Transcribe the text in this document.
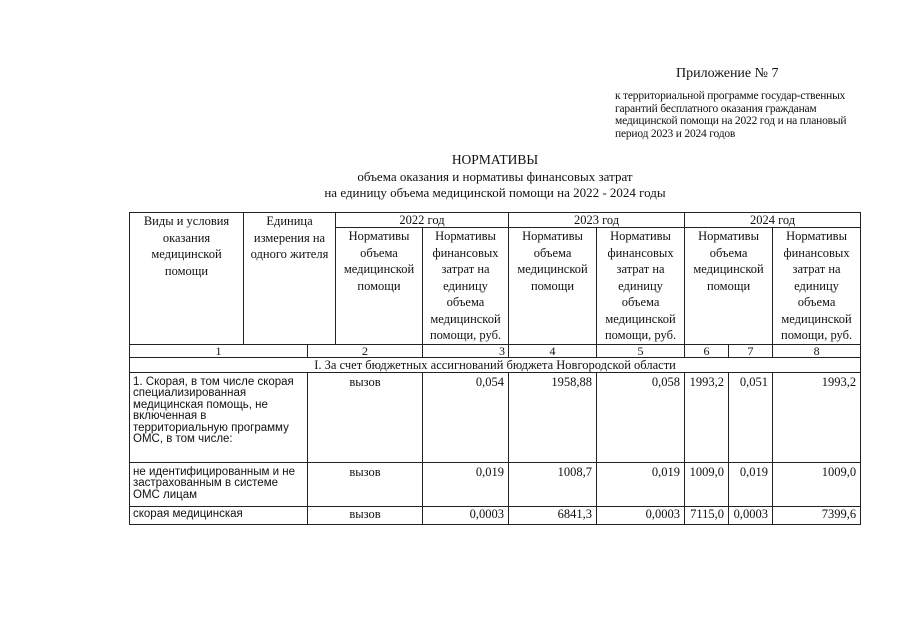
Приложение № 7
к территориальной программе государ-ственных гарантий бесплатного оказания гражданам медицинской помощи на 2022 год и на плановый период 2023 и 2024 годов
НОРМАТИВЫ
объема оказания и нормативы финансовых затрат
на единицу объема медицинской помощи на 2022 - 2024 годы
Виды и условия оказания медицинской помощи	Единица измерения на одного жителя		2022 год		2023 год		2024 год		
			Нормативы объема медицинской помощи	Нормативы финансовых затрат на единицу объема медицинской помощи, руб.	Нормативы объема медицинской помощи	Нормативы финансовых затрат на единицу объема медицинской помощи, руб.	Нормативы объема медицинской помощи		Нормативы финансовых затрат на единицу объема медицинской помощи, руб.
1		2		3	4	5	6	7	8
I. За счет бюджетных ассигнований бюджета Новгородской области									
1. Скорая, в том числе скорая специализированная медицинская помощь, не включенная в территориальную программу ОМС, в том числе:		вызов		0,054	1958,88	0,058	1993,2	0,051	1993,2
не идентифицированным и не застрахованным в системе ОМС лицам		вызов		0,019	1008,7	0,019	1009,0	0,019	1009,0
скорая медицинская		вызов		0,0003	6841,3	0,0003	7115,0	0,0003	7399,6
